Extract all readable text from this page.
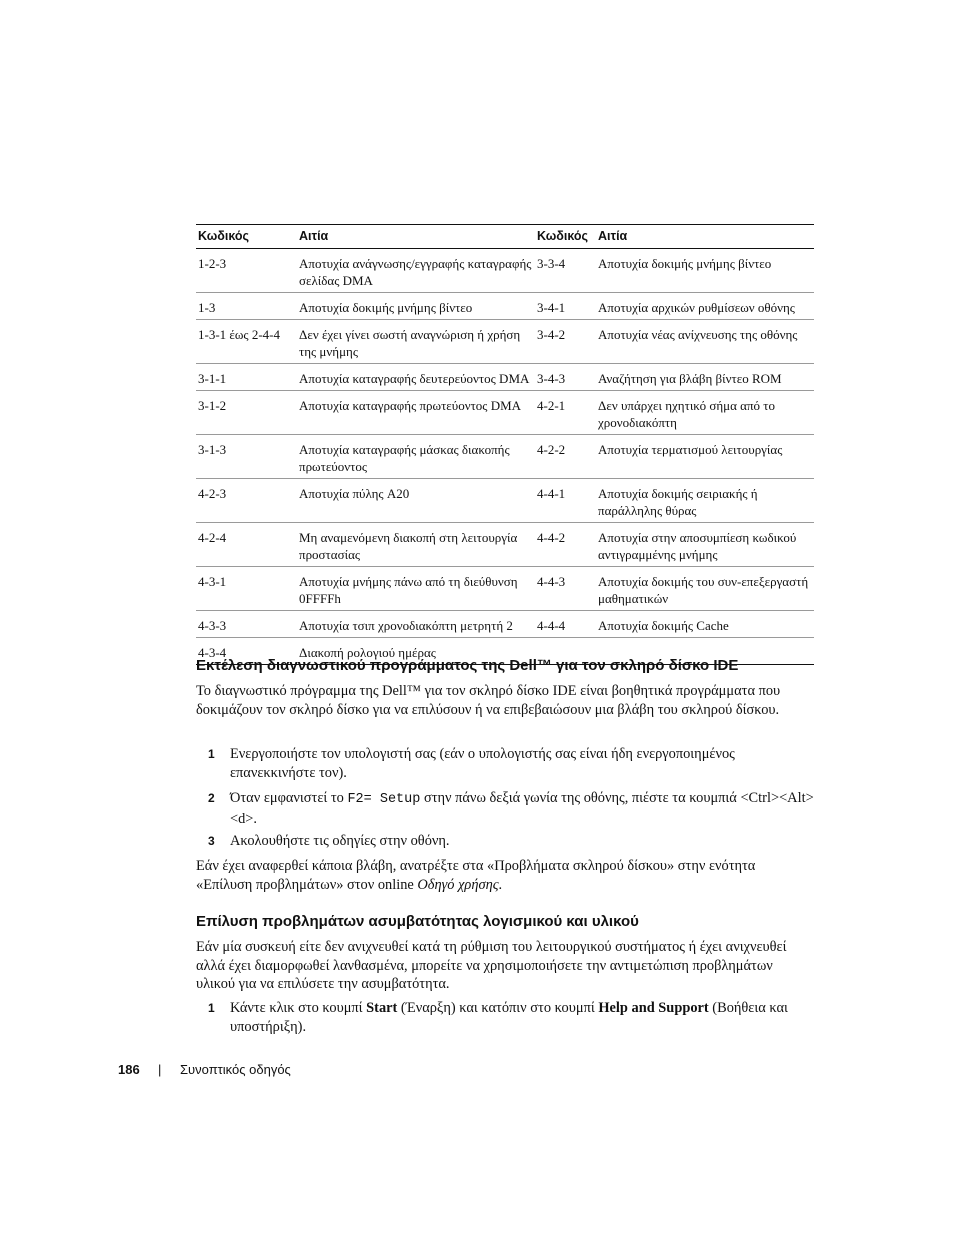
Κωδικός	Αιτία	Κωδικός	Αιτία
1-2-3	Αποτυχία ανάγνωσης/εγγραφής καταγραφής σελίδας DMA	3-3-4	Αποτυχία δοκιμής μνήμης βίντεο
1-3	Αποτυχία δοκιμής μνήμης βίντεο	3-4-1	Αποτυχία αρχικών ρυθμίσεων οθόνης
1-3-1 έως 2-4-4	Δεν έχει γίνει σωστή αναγνώριση ή χρήση της μνήμης	3-4-2	Αποτυχία νέας ανίχνευσης της οθόνης
3-1-1	Αποτυχία καταγραφής δευτερεύοντος DMA	3-4-3	Αναζήτηση για βλάβη βίντεο ROM
3-1-2	Αποτυχία καταγραφής πρωτεύοντος DMA	4-2-1	Δεν υπάρχει ηχητικό σήμα από το χρονοδιακόπτη
3-1-3	Αποτυχία καταγραφής μάσκας διακοπής πρωτεύοντος	4-2-2	Αποτυχία τερματισμού λειτουργίας
4-2-3	Αποτυχία πύλης A20	4-4-1	Αποτυχία δοκιμής σειριακής ή παράλληλης θύρας
4-2-4	Μη αναμενόμενη διακοπή στη λειτουργία προστασίας	4-4-2	Αποτυχία στην αποσυμπίεση κωδικού αντιγραμμένης μνήμης
4-3-1	Αποτυχία μνήμης πάνω από τη διεύθυνση 0FFFFh	4-4-3	Αποτυχία δοκιμής του συν-επεξεργαστή μαθηματικών
4-3-3	Αποτυχία τσιπ χρονοδιακόπτη μετρητή 2	4-4-4	Αποτυχία δοκιμής Cache
4-3-4	Διακοπή ρολογιού ημέρας		
Εκτέλεση διαγνωστικού προγράμματος της Dell™ για τον σκληρό δίσκο IDE

Το διαγνωστικό πρόγραμμα της Dell™ για τον σκληρό δίσκο IDE είναι βοηθητικά προγράμματα που δοκιμάζουν τον σκληρό δίσκο για να επιλύσουν ή να επιβεβαιώσουν μια βλάβη του σκληρού δίσκου.

1 Ενεργοποιήστε τον υπολογιστή σας (εάν ο υπολογιστής σας είναι ήδη ενεργοποιημένος επανεκκινήστε τον).
2 Όταν εμφανιστεί το F2= Setup στην πάνω δεξιά γωνία της οθόνης, πιέστε τα κουμπιά <Ctrl><Alt><d>.
3 Ακολουθήστε τις οδηγίες στην οθόνη.

Εάν έχει αναφερθεί κάποια βλάβη, ανατρέξτε στα «Προβλήματα σκληρού δίσκου» στην ενότητα «Επίλυση προβλημάτων» στον online Οδηγό χρήσης.

Επίλυση προβλημάτων ασυμβατότητας λογισμικού και υλικού

Εάν μία συσκευή είτε δεν ανιχνευθεί κατά τη ρύθμιση του λειτουργικού συστήματος ή έχει ανιχνευθεί αλλά έχει διαμορφωθεί λανθασμένα, μπορείτε να χρησιμοποιήσετε την αντιμετώπιση προβλημάτων υλικού για να επιλύσετε την ασυμβατότητα.

1 Κάντε κλικ στο κουμπί Start (Έναρξη) και κατόπιν στο κουμπί Help and Support (Βοήθεια και υποστήριξη).
186 | Συνοπτικός οδηγός
